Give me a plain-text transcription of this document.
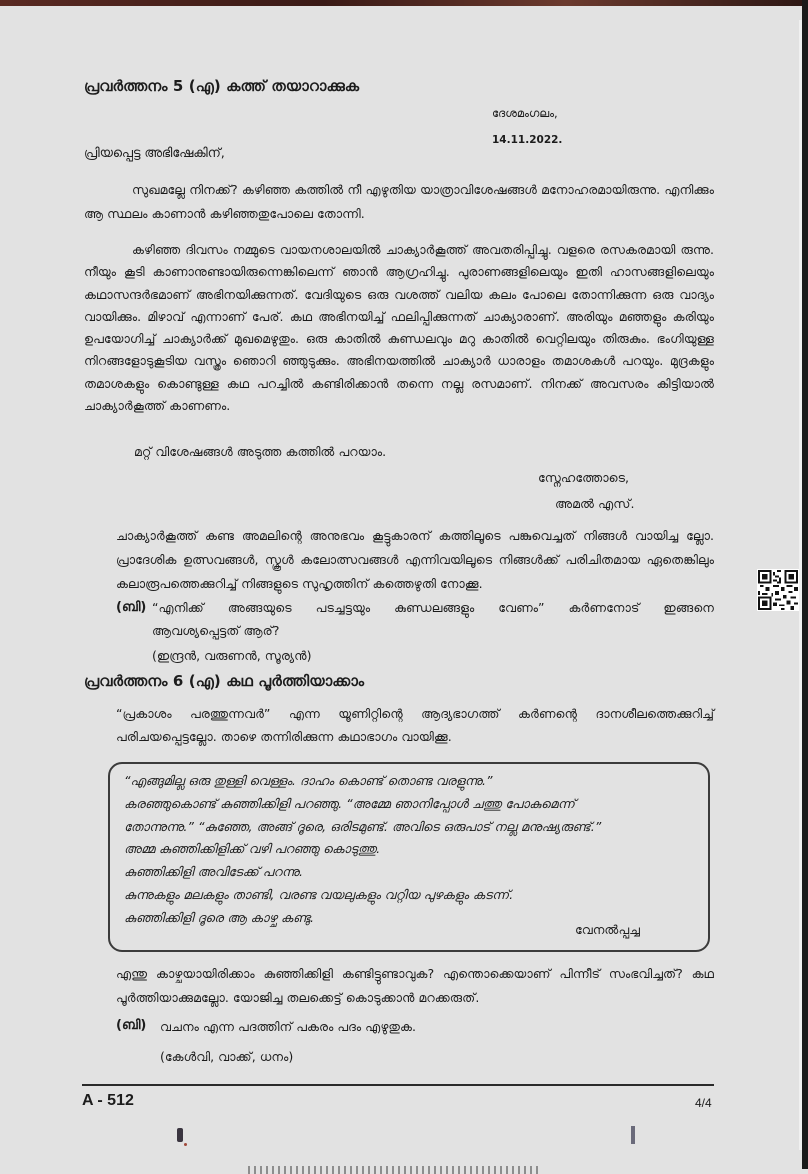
പ്രവർത്തനം 5 (എ) കത്ത് തയാറാക്കുക
ദേശമംഗലം,
14.11.2022.
പ്രിയപ്പെട്ട അഭിഷേകിന്,
സുഖമല്ലേ നിനക്ക്? കഴിഞ്ഞ കത്തിൽ നീ എഴുതിയ യാത്രാവിശേഷങ്ങൾ മനോഹരമായിരുന്നു. എനിക്കും ആ സ്ഥലം കാണാൻ കഴിഞ്ഞതുപോലെ തോന്നി.
കഴിഞ്ഞ ദിവസം നമ്മുടെ വായനശാലയിൽ ചാക്യാർകൂത്ത് അവതരിപ്പിച്ചു. വളരെ രസകരമായി രുന്നു. നീയും കൂടി കാണാനുണ്ടായിരുന്നെങ്കിലെന്ന് ഞാൻ ആഗ്രഹിച്ചു. പുരാണങ്ങളിലെയും ഇതി ഹാസങ്ങളിലെയും കഥാസന്ദർഭമാണ് അഭിനയിക്കുന്നത്. വേദിയുടെ ഒരു വശത്ത് വലിയ കലം പോലെ തോന്നിക്കുന്ന ഒരു വാദ്യം വായിക്കും. മിഴാവ് എന്നാണ് പേര്. കഥ അഭിനയിച്ച് ഫലിപ്പിക്കുന്നത് ചാക്യാരാണ്. അരിയും മഞ്ഞളും കരിയും ഉപയോഗിച്ച് ചാക്യാർക്ക് മുഖമെഴുതും. ഒരു കാതിൽ കുണ്ഡലവും മറു കാതിൽ വെറ്റിലയും തിരുകും. ഭംഗിയുള്ള നിറങ്ങളോടുകൂടിയ വസ്ത്രം ഞൊറി ഞ്ഞുടുക്കും. അഭിനയത്തിൽ ചാക്യാർ ധാരാളം തമാശകൾ പറയും. മുദ്രകളും തമാശകളും കൊണ്ടുള്ള കഥ പറച്ചിൽ കണ്ടിരിക്കാൻ തന്നെ നല്ല രസമാണ്. നിനക്ക് അവസരം കിട്ടിയാൽ ചാക്യാർകൂത്ത് കാണണം.
മറ്റ് വിശേഷങ്ങൾ അടുത്ത കത്തിൽ പറയാം.
സ്നേഹത്തോടെ,
അമൽ എസ്.
ചാക്യാർകൂത്ത് കണ്ട അമലിന്റെ അനുഭവം കൂട്ടുകാരന് കത്തിലൂടെ പങ്കുവെച്ചത് നിങ്ങൾ വായിച്ച ല്ലോ. പ്രാദേശിക ഉത്സവങ്ങൾ, സ്കൂൾ കലോത്സവങ്ങൾ എന്നിവയിലൂടെ നിങ്ങൾക്ക് പരിചിതമായ ഏതെങ്കിലും കലാരൂപത്തെക്കുറിച്ച് നിങ്ങളുടെ സുഹൃത്തിന് കത്തെഴുതി നോക്കൂ.
(ബി) “എനിക്ക് അങ്ങയുടെ പടച്ചട്ടയും കുണ്ഡലങ്ങളും വേണം” കർണനോട് ഇങ്ങനെ
ആവശ്യപ്പെട്ടത് ആര്?
(ഇന്ദ്രൻ, വരുണൻ, സൂര്യൻ)
പ്രവർത്തനം 6 (എ) കഥ പൂർത്തിയാക്കാം
“പ്രകാശം പരത്തുന്നവർ” എന്ന യൂണിറ്റിന്റെ ആദ്യഭാഗത്ത് കർണന്റെ ദാനശീലത്തെക്കുറിച്ച് പരിചയപ്പെട്ടല്ലോ. താഴെ തന്നിരിക്കുന്ന കഥാഭാഗം വായിക്കൂ.
“എങ്ങുമില്ല ഒരു തുള്ളി വെള്ളം. ദാഹം കൊണ്ട് തൊണ്ട വരളുന്നു.”
കരഞ്ഞുകൊണ്ട് കുഞ്ഞിക്കിളി പറഞ്ഞു. “അമ്മേ ഞാനിപ്പോൾ ചത്തു പോകുമെന്ന്
തോന്നുന്നു.” “കുഞ്ഞേ, അങ്ങ് ദൂരെ, ഒരിടമുണ്ട്. അവിടെ ഒരുപാട് നല്ല മനുഷ്യരുണ്ട്.”
അമ്മ കുഞ്ഞിക്കിളിക്ക് വഴി പറഞ്ഞു കൊടുത്തു.
കുഞ്ഞിക്കിളി അവിടേക്ക് പറന്നു.
കുന്നുകളും മലകളും താണ്ടി, വരണ്ട വയലുകളും വറ്റിയ പുഴകളും കടന്ന്.
കുഞ്ഞിക്കിളി ദൂരെ ആ കാഴ്ച കണ്ടു.
വേനൽപ്പച്ച
എന്തു കാഴ്ചയായിരിക്കാം കുഞ്ഞിക്കിളി കണ്ടിട്ടുണ്ടാവുക? എന്തൊക്കെയാണ് പിന്നീട് സംഭവിച്ചത്? കഥ പൂർത്തിയാക്കുമല്ലോ. യോജിച്ച തലക്കെട്ട് കൊടുക്കാൻ മറക്കരുത്.
(ബി) വചനം എന്ന പദത്തിന് പകരം പദം എഴുതുക.
(കേൾവി, വാക്ക്, ധനം)
A - 512	4/4
